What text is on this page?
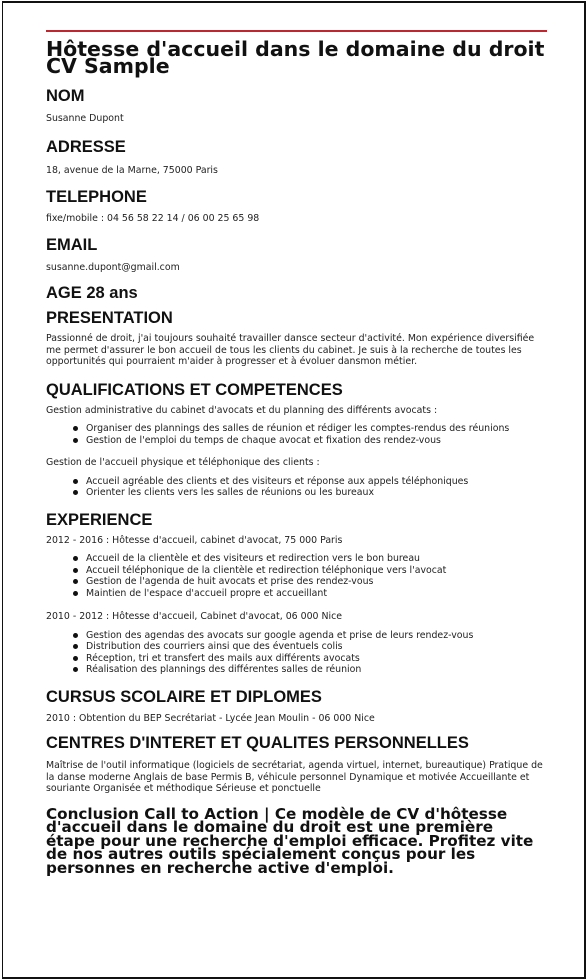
Hôtesse d'accueil dans le domaine du droit
CV Sample
NOM
Susanne Dupont
ADRESSE
18, avenue de la Marne, 75000 Paris
TELEPHONE
fixe/mobile : 04 56 58 22 14 / 06 00 25 65 98
EMAIL
susanne.dupont@gmail.com
AGE 28 ans
PRESENTATION

Passionné de droit, j'ai toujours souhaité travailler dansce secteur d'activité. Mon expérience diversifiée me permet d'assurer le bon accueil de tous les clients du cabinet. Je suis à la recherche de toutes les opportunités qui pourraient m'aider à progresser et à évoluer dansmon métier.

QUALIFICATIONS ET COMPETENCES

Gestion administrative du cabinet d'avocats et du planning des différents avocats :

Organiser des plannings des salles de réunion et rédiger les comptes-rendus des réunions
Gestion de l'emploi du temps de chaque avocat et fixation des rendez-vous

Gestion de l'accueil physique et téléphonique des clients :

Accueil agréable des clients et des visiteurs et réponse aux appels téléphoniques
Orienter les clients vers les salles de réunions ou les bureaux
EXPERIENCE

2012 - 2016 : Hôtesse d'accueil, cabinet d'avocat, 75 000 Paris

Accueil de la clientèle et des visiteurs et redirection vers le bon bureau
Accueil téléphonique de la clientèle et redirection téléphonique vers l'avocat
Gestion de l'agenda de huit avocats et prise des rendez-vous
Maintien de l'espace d'accueil propre et accueillant

2010 - 2012 : Hôtesse d'accueil, Cabinet d'avocat, 06 000 Nice

Gestion des agendas des avocats sur google agenda et prise de leurs rendez-vous
Distribution des courriers ainsi que des éventuels colis
Réception, tri et transfert des mails aux différents avocats
Réalisation des plannings des différentes salles de réunion
CURSUS SCOLAIRE ET DIPLOMES

2010 : Obtention du BEP Secrétariat - Lycée Jean Moulin - 06 000 Nice

CENTRES D'INTERET ET QUALITES PERSONNELLES

Maîtrise de l'outil informatique (logiciels de secrétariat, agenda virtuel, internet, bureautique) Pratique de la danse moderne Anglais de base Permis B, véhicule personnel Dynamique et motivée Accueillante et souriante Organisée et méthodique Sérieuse et ponctuelle

Conclusion Call to Action | Ce modèle de CV d'hôtesse d'accueil dans le domaine du droit est une première étape pour une recherche d'emploi efficace. Profitez vite de nos autres outils spécialement conçus pour les personnes en recherche active d'emploi.
